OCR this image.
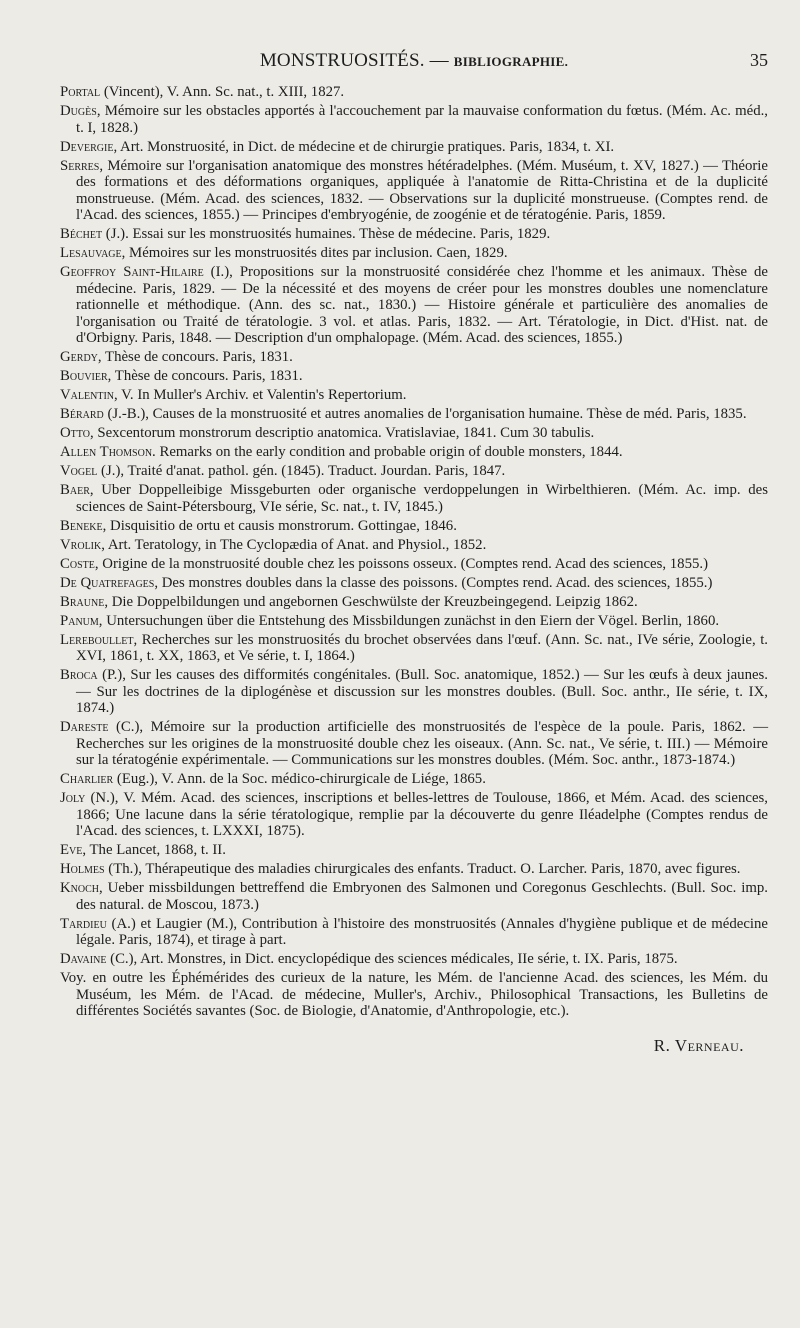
MONSTRUOSITÉS. — BIBLIOGRAPHIE.	35

Portal (Vincent), V. Ann. Sc. nat., t. XIII, 1827.

Dugès, Mémoire sur les obstacles apportés à l'accouchement par la mauvaise conformation du fœtus. (Mém. Ac. méd., t. I, 1828.)

Devergie, Art. Monstruosité, in Dict. de médecine et de chirurgie pratiques. Paris, 1834, t. XI.

Serres, Mémoire sur l'organisation anatomique des monstres hétéradelphes. (Mém. Muséum, t. XV, 1827.) — Théorie des formations et des déformations organiques, appliquée à l'anatomie de Ritta-Christina et de la duplicité monstrueuse. (Mém. Acad. des sciences, 1832. — Observations sur la duplicité monstrueuse. (Comptes rend. de l'Acad. des sciences, 1855.) — Principes d'embryogénie, de zoogénie et de tératogénie. Paris, 1859.

Béchet (J.). Essai sur les monstruosités humaines. Thèse de médecine. Paris, 1829.

Lesauvage, Mémoires sur les monstruosités dites par inclusion. Caen, 1829.

Geoffroy Saint-Hilaire (I.), Propositions sur la monstruosité considérée chez l'homme et les animaux. Thèse de médecine. Paris, 1829. — De la nécessité et des moyens de créer pour les monstres doubles une nomenclature rationnelle et méthodique. (Ann. des sc. nat., 1830.) — Histoire générale et particulière des anomalies de l'organisation ou Traité de tératologie. 3 vol. et atlas. Paris, 1832. — Art. Tératologie, in Dict. d'Hist. nat. de d'Orbigny. Paris, 1848. — Description d'un omphalopage. (Mém. Acad. des sciences, 1855.)

Gerdy, Thèse de concours. Paris, 1831.

Bouvier, Thèse de concours. Paris, 1831.

Valentin, V. In Muller's Archiv. et Valentin's Repertorium.

Bérard (J.-B.), Causes de la monstruosité et autres anomalies de l'organisation humaine. Thèse de méd. Paris, 1835.

Otto, Sexcentorum monstrorum descriptio anatomica. Vratislaviae, 1841. Cum 30 tabulis.

Allen Thomson. Remarks on the early condition and probable origin of double monsters, 1844.

Vogel (J.), Traité d'anat. pathol. gén. (1845). Traduct. Jourdan. Paris, 1847.

Baer, Uber Doppelleibige Missgeburten oder organische verdoppelungen in Wirbelthieren. (Mém. Ac. imp. des sciences de Saint-Pétersbourg, VIe série, Sc. nat., t. IV, 1845.)

Beneke, Disquisitio de ortu et causis monstrorum. Gottingae, 1846.

Vrolik, Art. Teratology, in The Cyclopædia of Anat. and Physiol., 1852.

Coste, Origine de la monstruosité double chez les poissons osseux. (Comptes rend. Acad des sciences, 1855.)

De Quatrefages, Des monstres doubles dans la classe des poissons. (Comptes rend. Acad. des sciences, 1855.)

Braune, Die Doppelbildungen und angebornen Geschwülste der Kreuzbeingegend. Leipzig 1862.

Panum, Untersuchungen über die Entstehung des Missbildungen zunächst in den Eiern der Vögel. Berlin, 1860.

Lereboullet, Recherches sur les monstruosités du brochet observées dans l'œuf. (Ann. Sc. nat., IVe série, Zoologie, t. XVI, 1861, t. XX, 1863, et Ve série, t. I, 1864.)

Broca (P.), Sur les causes des difformités congénitales. (Bull. Soc. anatomique, 1852.) — Sur les œufs à deux jaunes. — Sur les doctrines de la diplogénèse et discussion sur les monstres doubles. (Bull. Soc. anthr., IIe série, t. IX, 1874.)

Dareste (C.), Mémoire sur la production artificielle des monstruosités de l'espèce de la poule. Paris, 1862. — Recherches sur les origines de la monstruosité double chez les oiseaux. (Ann. Sc. nat., Ve série, t. III.) — Mémoire sur la tératogénie expérimentale. — Communications sur les monstres doubles. (Mém. Soc. anthr., 1873-1874.)

Charlier (Eug.), V. Ann. de la Soc. médico-chirurgicale de Liége, 1865.

Joly (N.), V. Mém. Acad. des sciences, inscriptions et belles-lettres de Toulouse, 1866, et Mém. Acad. des sciences, 1866; Une lacune dans la série tératologique, remplie par la découverte du genre Iléadelphe (Comptes rendus de l'Acad. des sciences, t. LXXXI, 1875).

Eve, The Lancet, 1868, t. II.

Holmes (Th.), Thérapeutique des maladies chirurgicales des enfants. Traduct. O. Larcher. Paris, 1870, avec figures.

Knoch, Ueber missbildungen bettreffend die Embryonen des Salmonen und Coregonus Geschlechts. (Bull. Soc. imp. des natural. de Moscou, 1873.)

Tardieu (A.) et Laugier (M.), Contribution à l'histoire des monstruosités (Annales d'hygiène publique et de médecine légale. Paris, 1874), et tirage à part.

Davaine (C.), Art. Monstres, in Dict. encyclopédique des sciences médicales, IIe série, t. IX. Paris, 1875.

Voy. en outre les Éphémérides des curieux de la nature, les Mém. de l'ancienne Acad. des sciences, les Mém. du Muséum, les Mém. de l'Acad. de médecine, Muller's, Archiv., Philosophical Transactions, les Bulletins de différentes Sociétés savantes (Soc. de Biologie, d'Anatomie, d'Anthropologie, etc.).

R. Verneau.
